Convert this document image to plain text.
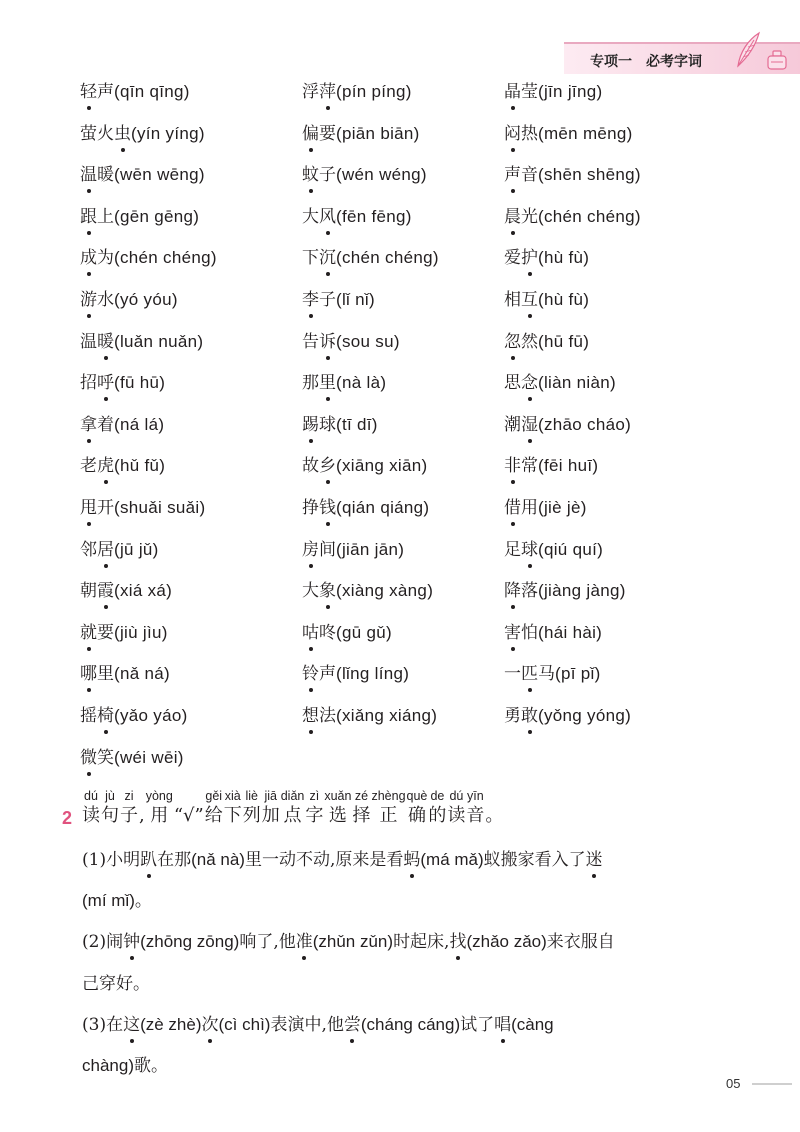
专项一 必考字词
轻声(qīn qīng)	浮萍(pín píng)	晶莹(jīn jīng)
萤火虫(yín yíng)	偏要(piān biān)	闷热(mēn mēng)
温暖(wēn wēng)	蚊子(wén wéng)	声音(shēn shēng)
跟上(gēn gēng)	大风(fēn fēng)	晨光(chén chéng)
成为(chén chéng)	下沉(chén chéng)	爱护(hù fù)
游水(yó yóu)	李子(lǐ nǐ)	相互(hù fù)
温暖(luǎn nuǎn)	告诉(sou su)	忽然(hū fū)
招呼(fū hū)	那里(nà là)	思念(liàn niàn)
拿着(ná lá)	踢球(tī dī)	潮湿(zhāo cháo)
老虎(hǔ fǔ)	故乡(xiāng xiān)	非常(fēi huī)
甩开(shuǎi suǎi)	挣钱(qián qiáng)	借用(jiè jè)
邻居(jū jǔ)	房间(jiān jān)	足球(qiú quí)
朝霞(xiá xá)	大象(xiàng xàng)	降落(jiàng jàng)
就要(jiù jìu)	咕咚(gū gǔ)	害怕(hái hài)
哪里(nǎ ná)	铃声(lǐng líng)	一匹马(pī pǐ)
摇椅(yǎo yáo)	想法(xiǎng xiáng)	勇敢(yǒng yóng)
微笑(wéi wēi)
2
dú
读
jù
句
zi
子 ,
yòng
用 “√”
gěi
给
xià
下
liè
列
jiā
加
diǎn
点
zì
字
xuǎn
选
zé
择
zhèng
正
què
确
de
的
dú
读
yīn
音 。
(1)小明趴在那(nǎ nà)里一动不动,原来是看蚂(má mǎ)蚁搬家看入了迷
(mí mǐ)。
(2)闹钟(zhōng zōng)响了,他准(zhǔn zǔn)时起床,找(zhǎo zǎo)来衣服自
己穿好。
(3)在这(zè zhè)次(cì chì)表演中,他尝(cháng cáng)试了唱(càng
chàng)歌。
05
